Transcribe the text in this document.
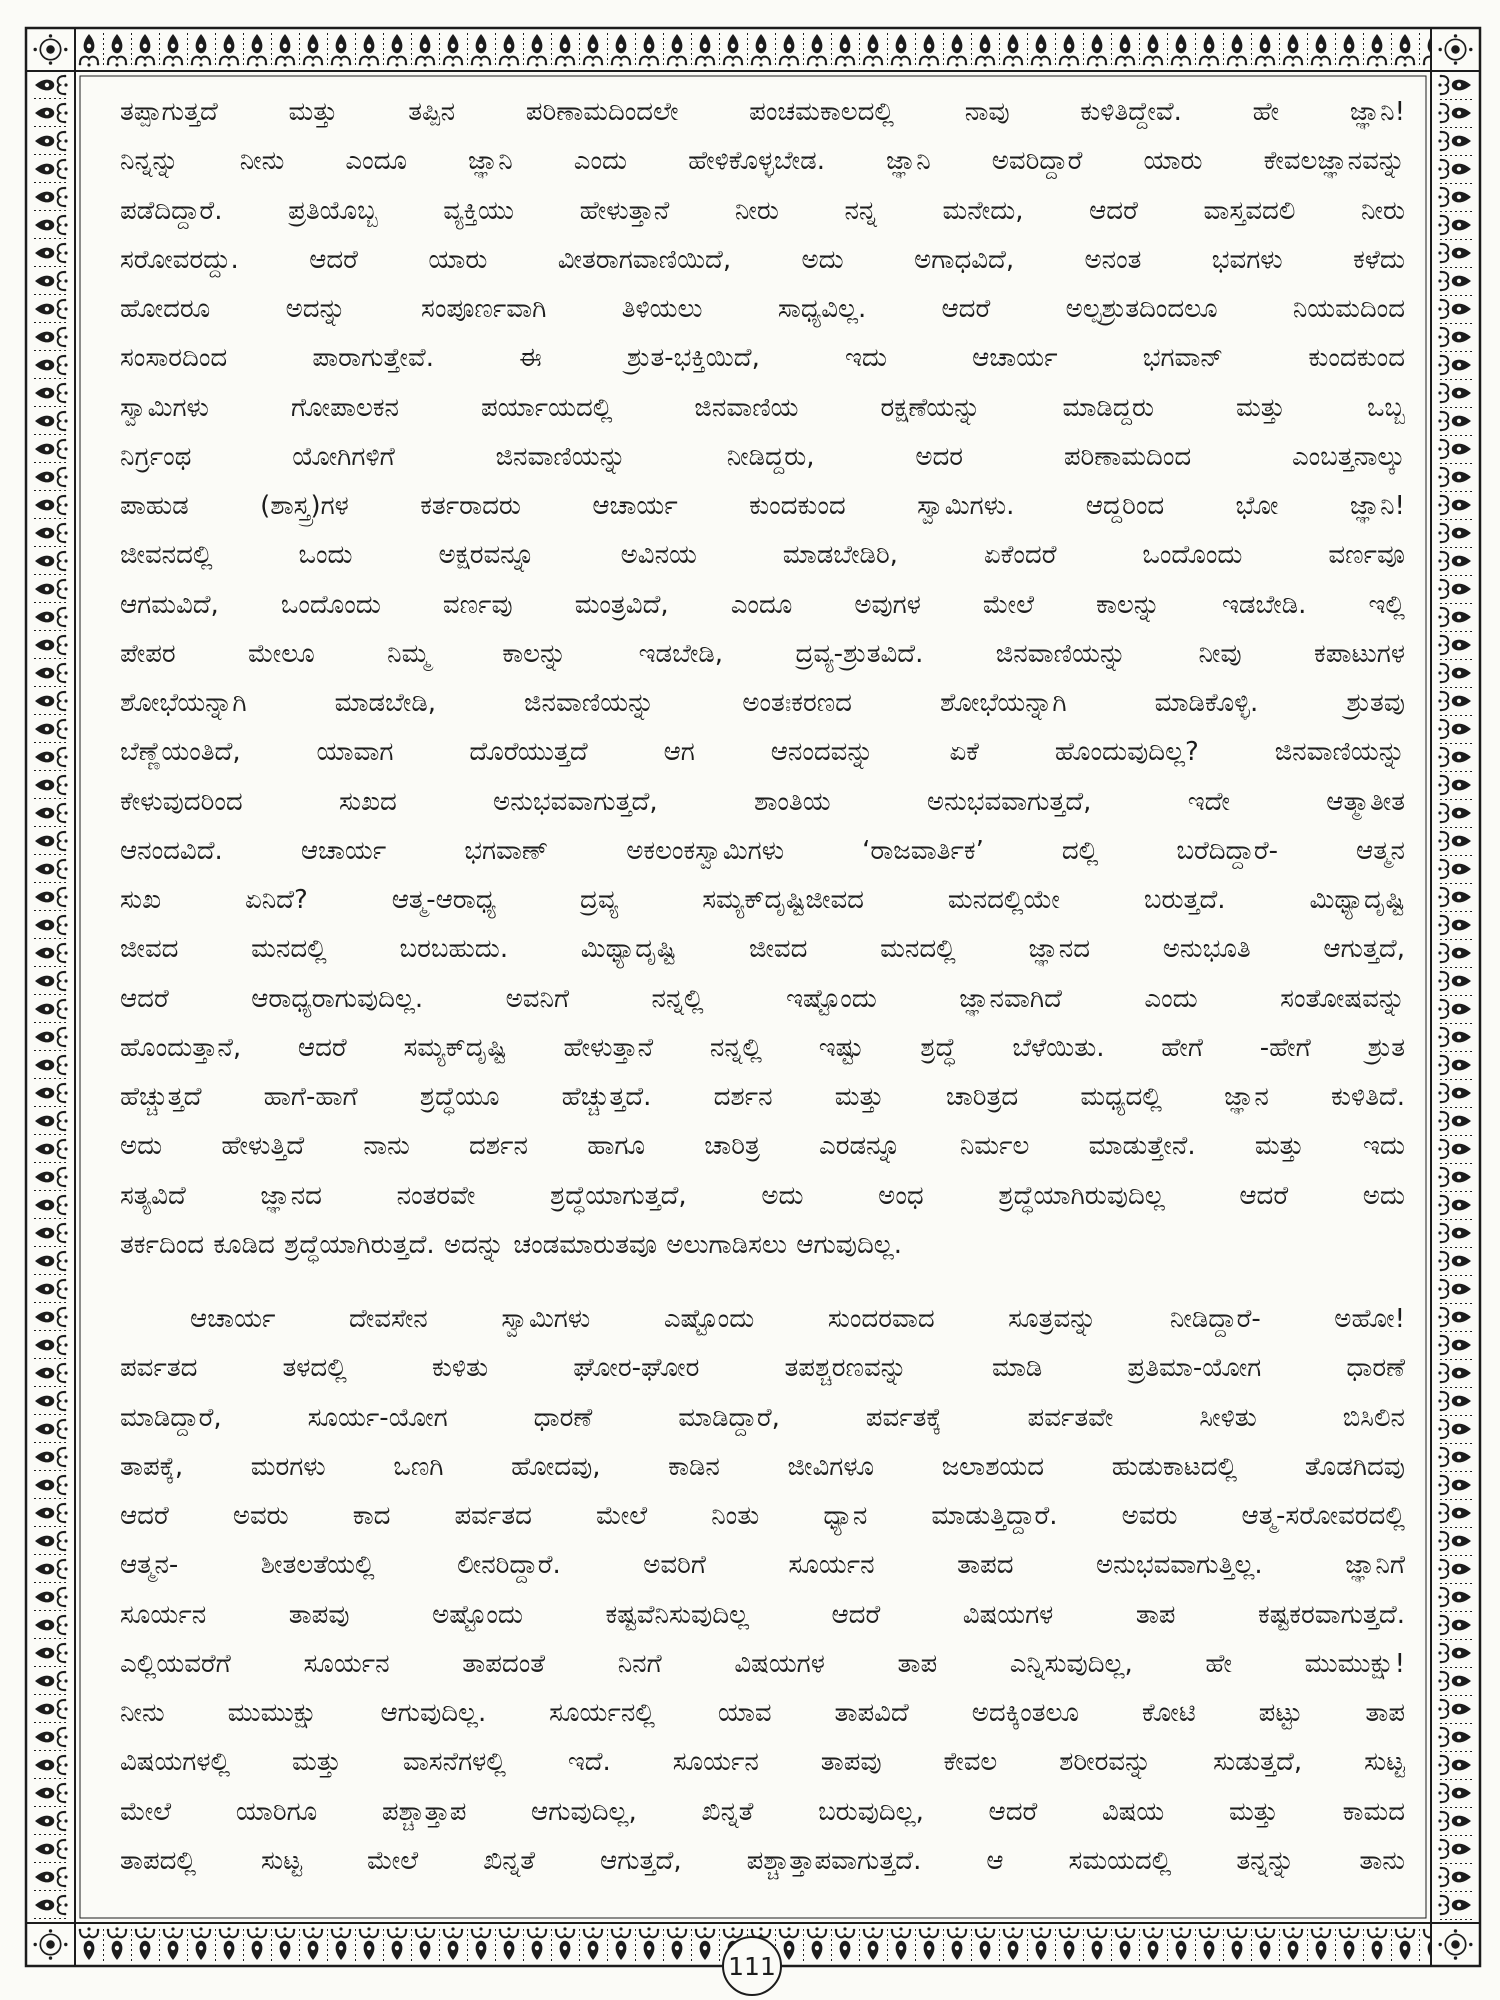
ತಪ್ಪಾಗುತ್ತದೆ ಮತ್ತು ತಪ್ಪಿನ ಪರಿಣಾಮದಿಂದಲೇ ಪಂಚಮಕಾಲದಲ್ಲಿ ನಾವು ಕುಳಿತಿದ್ದೇವೆ. ಹೇ ಜ್ಞಾನಿ!
ನಿನ್ನನ್ನು ನೀನು ಎಂದೂ ಜ್ಞಾನಿ ಎಂದು ಹೇಳಿಕೊಳ್ಳಬೇಡ. ಜ್ಞಾನಿ ಅವರಿದ್ದಾರೆ ಯಾರು ಕೇವಲಜ್ಞಾನವನ್ನು
ಪಡೆದಿದ್ದಾರೆ. ಪ್ರತಿಯೊಬ್ಬ ವ್ಯಕ್ತಿಯು ಹೇಳುತ್ತಾನೆ ನೀರು ನನ್ನ ಮನೇದು, ಆದರೆ ವಾಸ್ತವದಲಿ ನೀರು
ಸರೋವರದ್ದು. ಆದರೆ ಯಾರು ವೀತರಾಗವಾಣಿಯಿದೆ, ಅದು ಅಗಾಧವಿದೆ, ಅನಂತ ಭವಗಳು ಕಳೆದು
ಹೋದರೂ ಅದನ್ನು ಸಂಪೂರ್ಣವಾಗಿ ತಿಳಿಯಲು ಸಾಧ್ಯವಿಲ್ಲ. ಆದರೆ ಅಲ್ಪಶ್ರುತದಿಂದಲೂ ನಿಯಮದಿಂದ
ಸಂಸಾರದಿಂದ ಪಾರಾಗುತ್ತೇವೆ. ಈ ಶ್ರುತ-ಭಕ್ತಿಯಿದೆ, ಇದು ಆಚಾರ್ಯ ಭಗವಾನ್ ಕುಂದಕುಂದ
ಸ್ವಾಮಿಗಳು ಗೋಪಾಲಕನ ಪರ್ಯಾಯದಲ್ಲಿ ಜಿನವಾಣಿಯ ರಕ್ಷಣೆಯನ್ನು ಮಾಡಿದ್ದರು ಮತ್ತು ಒಬ್ಬ
ನಿರ್ಗ್ರಂಥ ಯೋಗಿಗಳಿಗೆ ಜಿನವಾಣಿಯನ್ನು ನೀಡಿದ್ದರು, ಅದರ ಪರಿಣಾಮದಿಂದ ಎಂಬತ್ತನಾಲ್ಕು
ಪಾಹುಡ (ಶಾಸ್ತ್ರ)ಗಳ ಕರ್ತರಾದರು ಆಚಾರ್ಯ ಕುಂದಕುಂದ ಸ್ವಾಮಿಗಳು. ಆದ್ದರಿಂದ ಭೋ ಜ್ಞಾನಿ!
ಜೀವನದಲ್ಲಿ ಒಂದು ಅಕ್ಷರವನ್ನೂ ಅವಿನಯ ಮಾಡಬೇಡಿರಿ, ಏಕೆಂದರೆ ಒಂದೊಂದು ವರ್ಣವೂ
ಆಗಮವಿದೆ, ಒಂದೊಂದು ವರ್ಣವು ಮಂತ್ರವಿದೆ, ಎಂದೂ ಅವುಗಳ ಮೇಲೆ ಕಾಲನ್ನು ಇಡಬೇಡಿ. ಇಲ್ಲಿ
ಪೇಪರ ಮೇಲೂ ನಿಮ್ಮ ಕಾಲನ್ನು ಇಡಬೇಡಿ, ದ್ರವ್ಯ-ಶ್ರುತವಿದೆ. ಜಿನವಾಣಿಯನ್ನು ನೀವು ಕಪಾಟುಗಳ
ಶೋಭೆಯನ್ನಾಗಿ ಮಾಡಬೇಡಿ, ಜಿನವಾಣಿಯನ್ನು ಅಂತಃಕರಣದ ಶೋಭೆಯನ್ನಾಗಿ ಮಾಡಿಕೊಳ್ಳಿ. ಶ್ರುತವು
ಬೆಣ್ಣೆಯಂತಿದೆ, ಯಾವಾಗ ದೊರೆಯುತ್ತದೆ ಆಗ ಆನಂದವನ್ನು ಏಕೆ ಹೊಂದುವುದಿಲ್ಲ? ಜಿನವಾಣಿಯನ್ನು
ಕೇಳುವುದರಿಂದ ಸುಖದ ಅನುಭವವಾಗುತ್ತದೆ, ಶಾಂತಿಯ ಅನುಭವವಾಗುತ್ತದೆ, ಇದೇ ಆತ್ಮಾತೀತ
ಆನಂದವಿದೆ. ಆಚಾರ್ಯ ಭಗವಾಣ್ ಅಕಲಂಕಸ್ವಾಮಿಗಳು ‘ರಾಜವಾರ್ತಿಕ’ ದಲ್ಲಿ ಬರೆದಿದ್ದಾರೆ- ಆತ್ಮನ
ಸುಖ ಏನಿದೆ? ಆತ್ಮ-ಆರಾಧ್ಯ ದ್ರವ್ಯ ಸಮ್ಯಕ್‌ದೃಷ್ಟಿಜೀವದ ಮನದಲ್ಲಿಯೇ ಬರುತ್ತದೆ. ಮಿಥ್ಯಾದೃಷ್ಟಿ
ಜೀವದ ಮನದಲ್ಲಿ ಬರಬಹುದು. ಮಿಥ್ಯಾದೃಷ್ಟಿ ಜೀವದ ಮನದಲ್ಲಿ ಜ್ಞಾನದ ಅನುಭೂತಿ ಆಗುತ್ತದೆ,
ಆದರೆ ಆರಾಧ್ಯರಾಗುವುದಿಲ್ಲ. ಅವನಿಗೆ ನನ್ನಲ್ಲಿ ಇಷ್ಟೊಂದು ಜ್ಞಾನವಾಗಿದೆ ಎಂದು ಸಂತೋಷವನ್ನು
ಹೊಂದುತ್ತಾನೆ, ಆದರೆ ಸಮ್ಯಕ್‌ದೃಷ್ಟಿ ಹೇಳುತ್ತಾನೆ ನನ್ನಲ್ಲಿ ಇಷ್ಟು ಶ್ರದ್ಧೆ ಬೆಳೆಯಿತು. ಹೇಗೆ -ಹೇಗೆ ಶ್ರುತ
ಹೆಚ್ಚುತ್ತದೆ ಹಾಗೆ-ಹಾಗೆ ಶ್ರದ್ಧೆಯೂ ಹೆಚ್ಚುತ್ತದೆ. ದರ್ಶನ ಮತ್ತು ಚಾರಿತ್ರದ ಮಧ್ಯದಲ್ಲಿ ಜ್ಞಾನ ಕುಳಿತಿದೆ.
ಅದು ಹೇಳುತ್ತಿದೆ ನಾನು ದರ್ಶನ ಹಾಗೂ ಚಾರಿತ್ರ ಎರಡನ್ನೂ ನಿರ್ಮಲ ಮಾಡುತ್ತೇನೆ. ಮತ್ತು ಇದು
ಸತ್ಯವಿದೆ ಜ್ಞಾನದ ನಂತರವೇ ಶ್ರದ್ಧೆಯಾಗುತ್ತದೆ, ಅದು ಅಂಧ ಶ್ರದ್ಧೆಯಾಗಿರುವುದಿಲ್ಲ ಆದರೆ ಅದು
ತರ್ಕದಿಂದ ಕೂಡಿದ ಶ್ರದ್ಧೆಯಾಗಿರುತ್ತದೆ. ಅದನ್ನು ಚಂಡಮಾರುತವೂ ಅಲುಗಾಡಿಸಲು ಆಗುವುದಿಲ್ಲ.
ಆಚಾರ್ಯ ದೇವಸೇನ ಸ್ವಾಮಿಗಳು ಎಷ್ಟೊಂದು ಸುಂದರವಾದ ಸೂತ್ರವನ್ನು ನೀಡಿದ್ದಾರೆ- ಅಹೋ!
ಪರ್ವತದ ತಳದಲ್ಲಿ ಕುಳಿತು ಘೋರ-ಘೋರ ತಪಶ್ಚರಣವನ್ನು ಮಾಡಿ ಪ್ರತಿಮಾ-ಯೋಗ ಧಾರಣೆ
ಮಾಡಿದ್ದಾರೆ, ಸೂರ್ಯ-ಯೋಗ ಧಾರಣೆ ಮಾಡಿದ್ದಾರೆ, ಪರ್ವತಕ್ಕೆ ಪರ್ವತವೇ ಸೀಳಿತು ಬಿಸಿಲಿನ
ತಾಪಕ್ಕೆ, ಮರಗಳು ಒಣಗಿ ಹೋದವು, ಕಾಡಿನ ಜೀವಿಗಳೂ ಜಲಾಶಯದ ಹುಡುಕಾಟದಲ್ಲಿ ತೊಡಗಿದವು
ಆದರೆ ಅವರು ಕಾದ ಪರ್ವತದ ಮೇಲೆ ನಿಂತು ಧ್ಯಾನ ಮಾಡುತ್ತಿದ್ದಾರೆ. ಅವರು ಆತ್ಮ-ಸರೋವರದಲ್ಲಿ
ಆತ್ಮನ- ಶೀತಲತೆಯಲ್ಲಿ ಲೀನರಿದ್ದಾರೆ. ಅವರಿಗೆ ಸೂರ್ಯನ ತಾಪದ ಅನುಭವವಾಗುತ್ತಿಲ್ಲ. ಜ್ಞಾನಿಗೆ
ಸೂರ್ಯನ ತಾಪವು ಅಷ್ಟೊಂದು ಕಷ್ಟವೆನಿಸುವುದಿಲ್ಲ ಆದರೆ ವಿಷಯಗಳ ತಾಪ ಕಷ್ಟಕರವಾಗುತ್ತದೆ.
ಎಲ್ಲಿಯವರೆಗೆ ಸೂರ್ಯನ ತಾಪದಂತೆ ನಿನಗೆ ವಿಷಯಗಳ ತಾಪ ಎನ್ನಿಸುವುದಿಲ್ಲ, ಹೇ ಮುಮುಕ್ಷು!
ನೀನು ಮುಮುಕ್ಷು ಆಗುವುದಿಲ್ಲ. ಸೂರ್ಯನಲ್ಲಿ ಯಾವ ತಾಪವಿದೆ ಅದಕ್ಕಿಂತಲೂ ಕೋಟಿ ಪಟ್ಟು ತಾಪ
ವಿಷಯಗಳಲ್ಲಿ ಮತ್ತು ವಾಸನೆಗಳಲ್ಲಿ ಇದೆ. ಸೂರ್ಯನ ತಾಪವು ಕೇವಲ ಶರೀರವನ್ನು ಸುಡುತ್ತದೆ, ಸುಟ್ಟ
ಮೇಲೆ ಯಾರಿಗೂ ಪಶ್ಚಾತ್ತಾಪ ಆಗುವುದಿಲ್ಲ, ಖಿನ್ನತೆ ಬರುವುದಿಲ್ಲ, ಆದರೆ ವಿಷಯ ಮತ್ತು ಕಾಮದ
ತಾಪದಲ್ಲಿ ಸುಟ್ಟ ಮೇಲೆ ಖಿನ್ನತೆ ಆಗುತ್ತದೆ, ಪಶ್ಚಾತ್ತಾಪವಾಗುತ್ತದೆ. ಆ ಸಮಯದಲ್ಲಿ ತನ್ನನ್ನು ತಾನು
111
